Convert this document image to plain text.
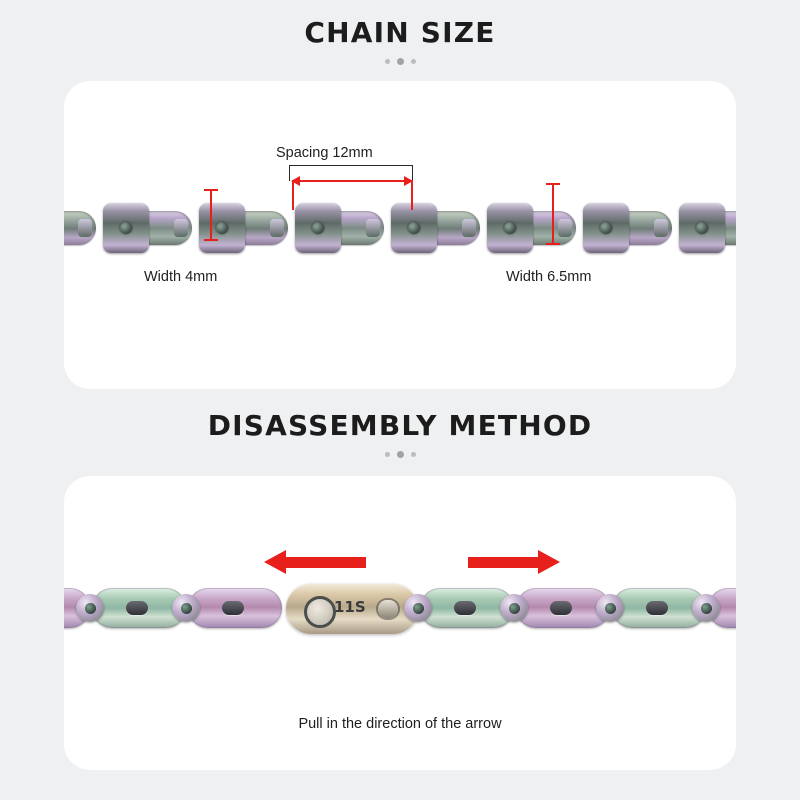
CHAIN SIZE
Spacing 12mm
Width 4mm	Width 6.5mm
DISASSEMBLY METHOD
11S
Pull in the direction of the arrow
